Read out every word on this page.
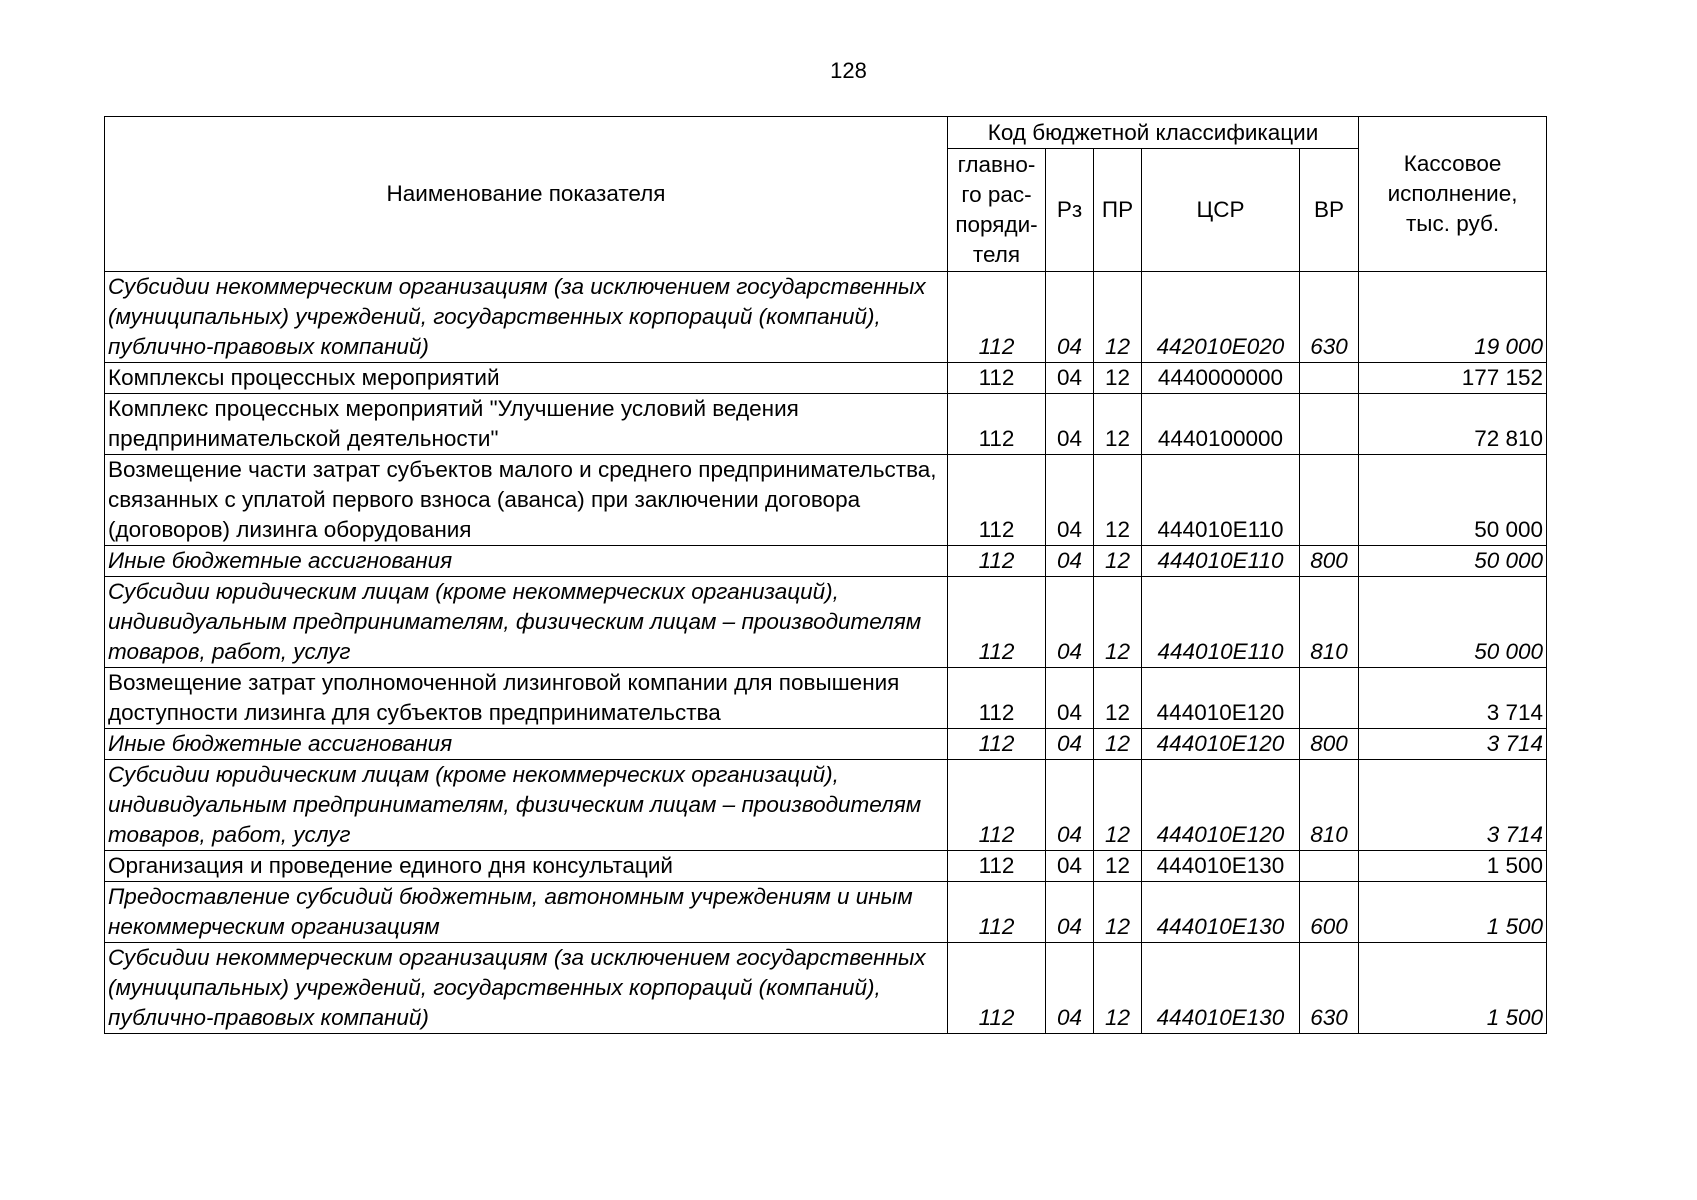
128
Наименование показателя	Код бюджетной классификации					Кассовое исполнение, тыс. руб.
	главно-го рас-поряди-теля	Рз	ПР	ЦСР	ВР	
Субсидии некоммерческим организациям (за исключением государственных (муниципальных) учреждений, государственных корпораций (компаний), публично-правовых компаний)	112	04	12	442010Е020	630	19 000
Комплексы процессных мероприятий	112	04	12	4440000000		177 152
Комплекс процессных мероприятий "Улучшение условий ведения предпринимательской деятельности"	112	04	12	4440100000		72 810
Возмещение части затрат субъектов малого и среднего предпринимательства, связанных с уплатой первого взноса (аванса) при заключении договора (договоров) лизинга оборудования	112	04	12	444010Е110		50 000
Иные бюджетные ассигнования	112	04	12	444010Е110	800	50 000
Субсидии юридическим лицам (кроме некоммерческих организаций), индивидуальным предпринимателям, физическим лицам – производителям товаров, работ, услуг	112	04	12	444010Е110	810	50 000
Возмещение затрат уполномоченной лизинговой компании для повышения доступности лизинга для субъектов предпринимательства	112	04	12	444010Е120		3 714
Иные бюджетные ассигнования	112	04	12	444010Е120	800	3 714
Субсидии юридическим лицам (кроме некоммерческих организаций), индивидуальным предпринимателям, физическим лицам – производителям товаров, работ, услуг	112	04	12	444010Е120	810	3 714
Организация и проведение единого дня консультаций	112	04	12	444010Е130		1 500
Предоставление субсидий бюджетным, автономным учреждениям и иным некоммерческим организациям	112	04	12	444010Е130	600	1 500
Субсидии некоммерческим организациям (за исключением государственных (муниципальных) учреждений, государственных корпораций (компаний), публично-правовых компаний)	112	04	12	444010Е130	630	1 500
